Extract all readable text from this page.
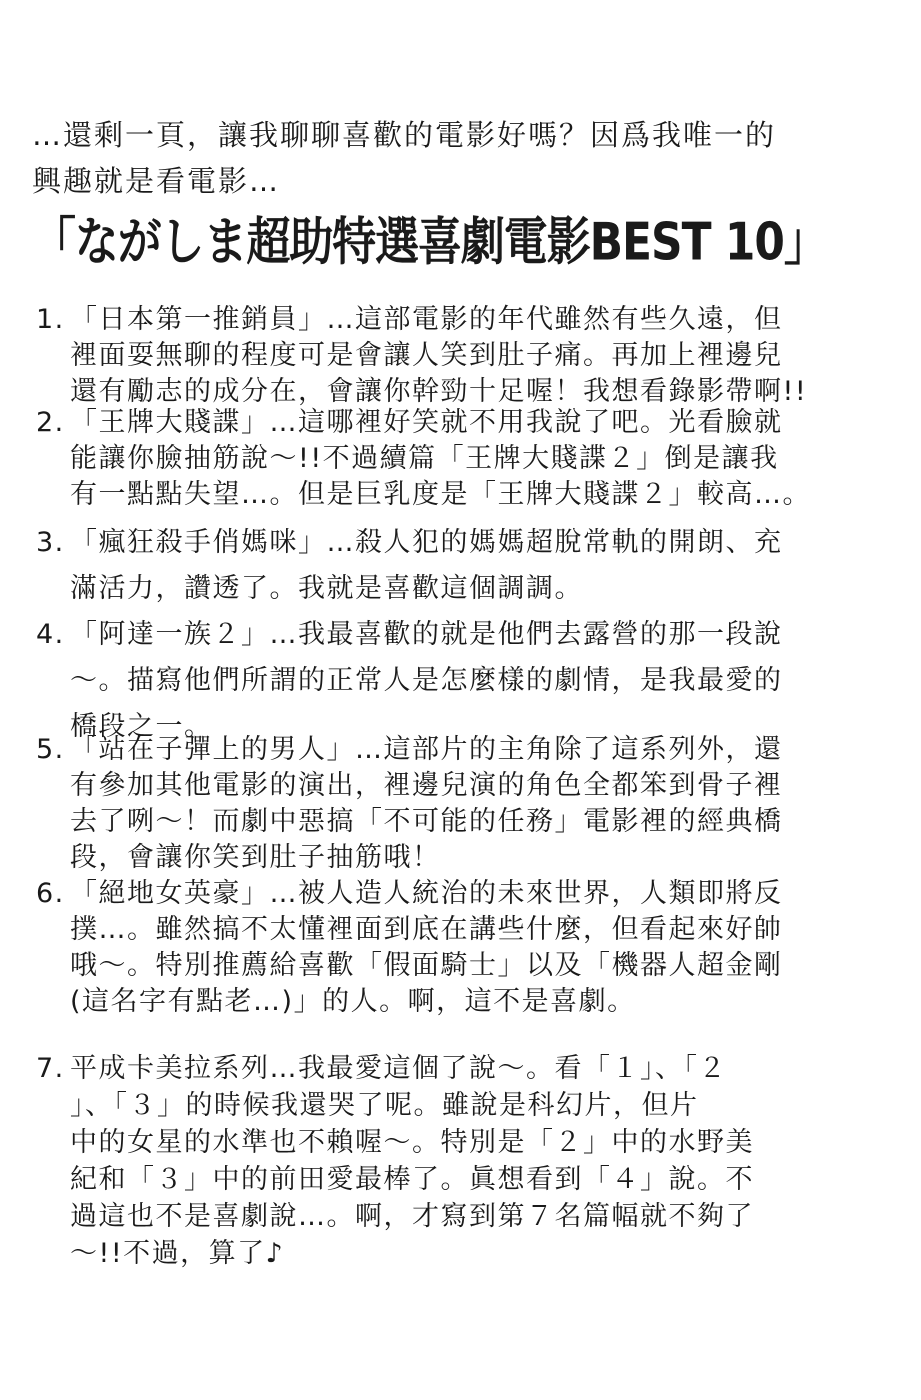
…還剩一頁，讓我聊聊喜歡的電影好嗎？因爲我唯一的
興趣就是看電影…
「ながしま超助特選喜劇電影BEST 10」
1. 「日本第一推銷員」…這部電影的年代雖然有些久遠，但
裡面耍無聊的程度可是會讓人笑到肚子痛。再加上裡邊兒
還有勵志的成分在，會讓你幹勁十足喔！我想看錄影帶啊!!
2. 「王牌大賤諜」…這哪裡好笑就不用我說了吧。光看臉就
能讓你臉抽筋說～!!不過續篇「王牌大賤諜２」倒是讓我
有一點點失望…。但是巨乳度是「王牌大賤諜２」較高…。
3. 「瘋狂殺手俏媽咪」…殺人犯的媽媽超脫常軌的開朗、充
滿活力，讚透了。我就是喜歡這個調調。
4. 「阿達一族２」…我最喜歡的就是他們去露營的那一段說
～。描寫他們所謂的正常人是怎麼樣的劇情，是我最愛的
橋段之一。
5. 「站在子彈上的男人」…這部片的主角除了這系列外，還
有參加其他電影的演出，裡邊兒演的角色全都笨到骨子裡
去了咧～！而劇中惡搞「不可能的任務」電影裡的經典橋
段，會讓你笑到肚子抽筋哦！
6. 「絕地女英豪」…被人造人統治的未來世界，人類即將反
撲…。雖然搞不太懂裡面到底在講些什麼，但看起來好帥
哦～。特別推薦給喜歡「假面騎士」以及「機器人超金剛
(這名字有點老…)」的人。啊，這不是喜劇。
7. 平成卡美拉系列…我最愛這個了說～。看「１」、「２
」、「３」的時候我還哭了呢。雖說是科幻片，但片
中的女星的水準也不賴喔～。特別是「２」中的水野美
紀和「３」中的前田愛最棒了。眞想看到「４」說。不
過這也不是喜劇說…。啊，才寫到第７名篇幅就不夠了
～!!不過，算了♪
